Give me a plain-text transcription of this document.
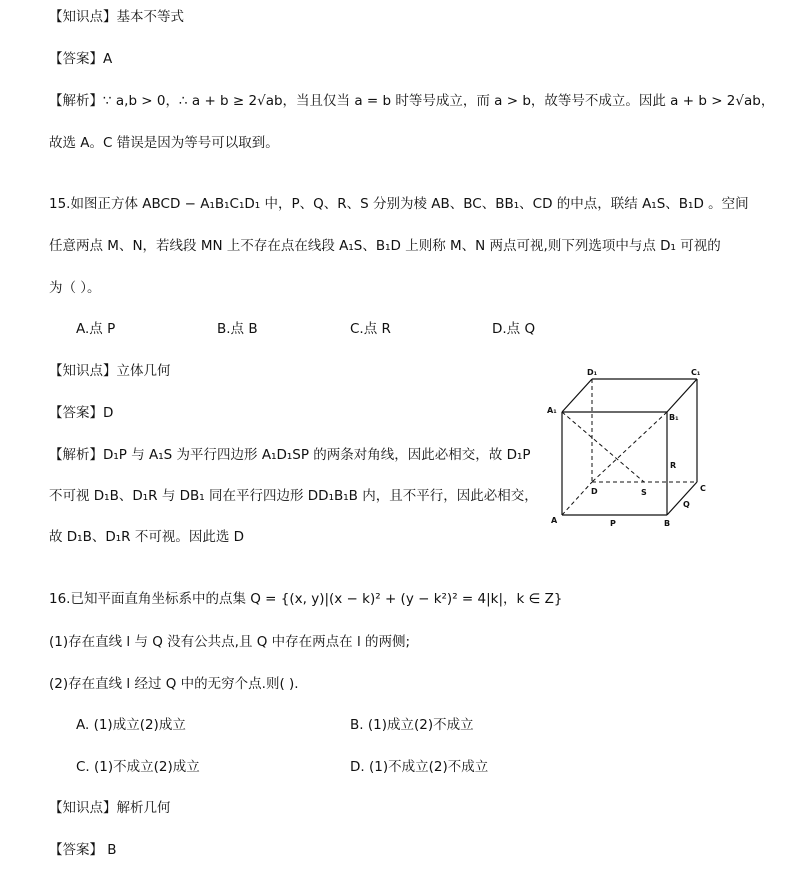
【知识点】基本不等式
【答案】A
【解析】∵ a,b > 0，∴ a + b ≥ 2√ab，当且仅当 a = b 时等号成立，而 a > b，故等号不成立。因此 a + b > 2√ab，
故选 A。C 错误是因为等号可以取到。
15.如图正方体 ABCD − A₁B₁C₁D₁ 中，P、Q、R、S 分别为棱 AB、BC、BB₁、CD 的中点，联结 A₁S、B₁D 。空间
任意两点 M、N，若线段 MN 上不存在点在线段 A₁S、B₁D 上则称 M、N 两点可视,则下列选项中与点 D₁ 可视的
为（ ）。
A.点 P	B.点 B	C.点 R	D.点 Q
【知识点】立体几何
【答案】D
【解析】D₁P 与 A₁S 为平行四边形 A₁D₁SP 的两条对角线，因此必相交，故 D₁P
不可视 D₁B、D₁R 与 DB₁ 同在平行四边形 DD₁B₁B 内，且不平行，因此必相交，
故 D₁B、D₁R 不可视。因此选 D
D₁	C₁
A₁
B₁
R
D	S	C
Q
A	P	B
16.已知平面直角坐标系中的点集 Q = {(x, y)|(x − k)² + (y − k²)² = 4|k|，k ∈ Z}
(1)存在直线 l 与 Q 没有公共点,且 Q 中存在两点在 l 的两侧;
(2)存在直线 l 经过 Q 中的无穷个点.则( ).
A. (1)成立(2)成立	B. (1)成立(2)不成立
C. (1)不成立(2)成立	D. (1)不成立(2)不成立
【知识点】解析几何
【答案】 B
